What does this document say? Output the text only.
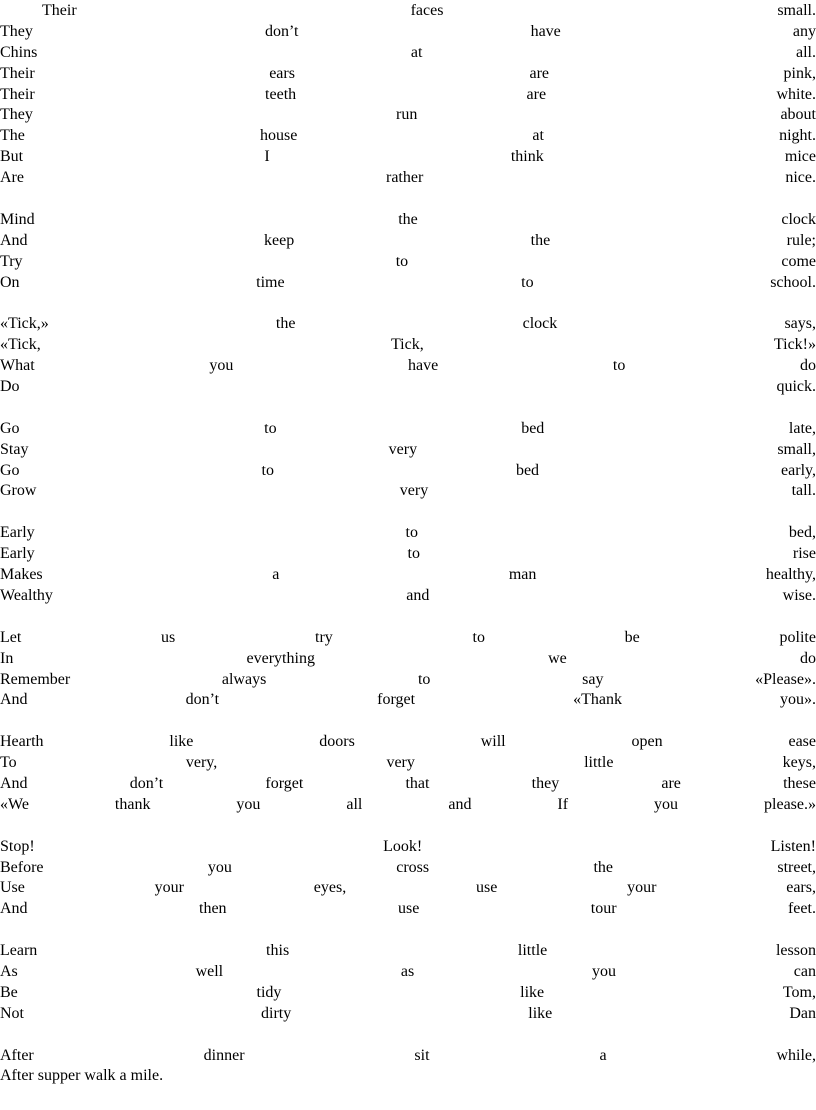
Their	faces	small.
They	don’t	have	any
Chins	at	all.
Their	ears	are	pink,
Their	teeth	are	white.
They	run	about
The	house	at	night.
But	I	think	mice
Are	rather	nice.
Mind	the	clock
And	keep	the	rule;
Try	to	come
On	time	to	school.
«Tick,»	the	clock	says,
«Tick,	Tick,	Tick!»
What	you	have	to	do
Do	quick.
Go	to	bed	late,
Stay	very	small,
Go	to	bed	early,
Grow	very	tall.
Early	to	bed,
Early	to	rise
Makes	a	man	healthy,
Wealthy	and	wise.
Let	us	try	to	be	polite
In	everything	we	do
Remember	always	to	say	«Please».
And	don’t	forget	«Thank	you».
Hearth	like	doors	will	open	ease
To	very,	very	little	keys,
And	don’t	forget	that	they	are	these
«We	thank	you	all	and	If	you	please.»
Stop!	Look!	Listen!
Before	you	cross	the	street,
Use	your	eyes,	use	your	ears,
And	then	use	tour	feet.
Learn	this	little	lesson
As	well	as	you	can
Be	tidy	like	Tom,
Not	dirty	like	Dan
After	dinner	sit	a	while,
After supper walk a mile.
